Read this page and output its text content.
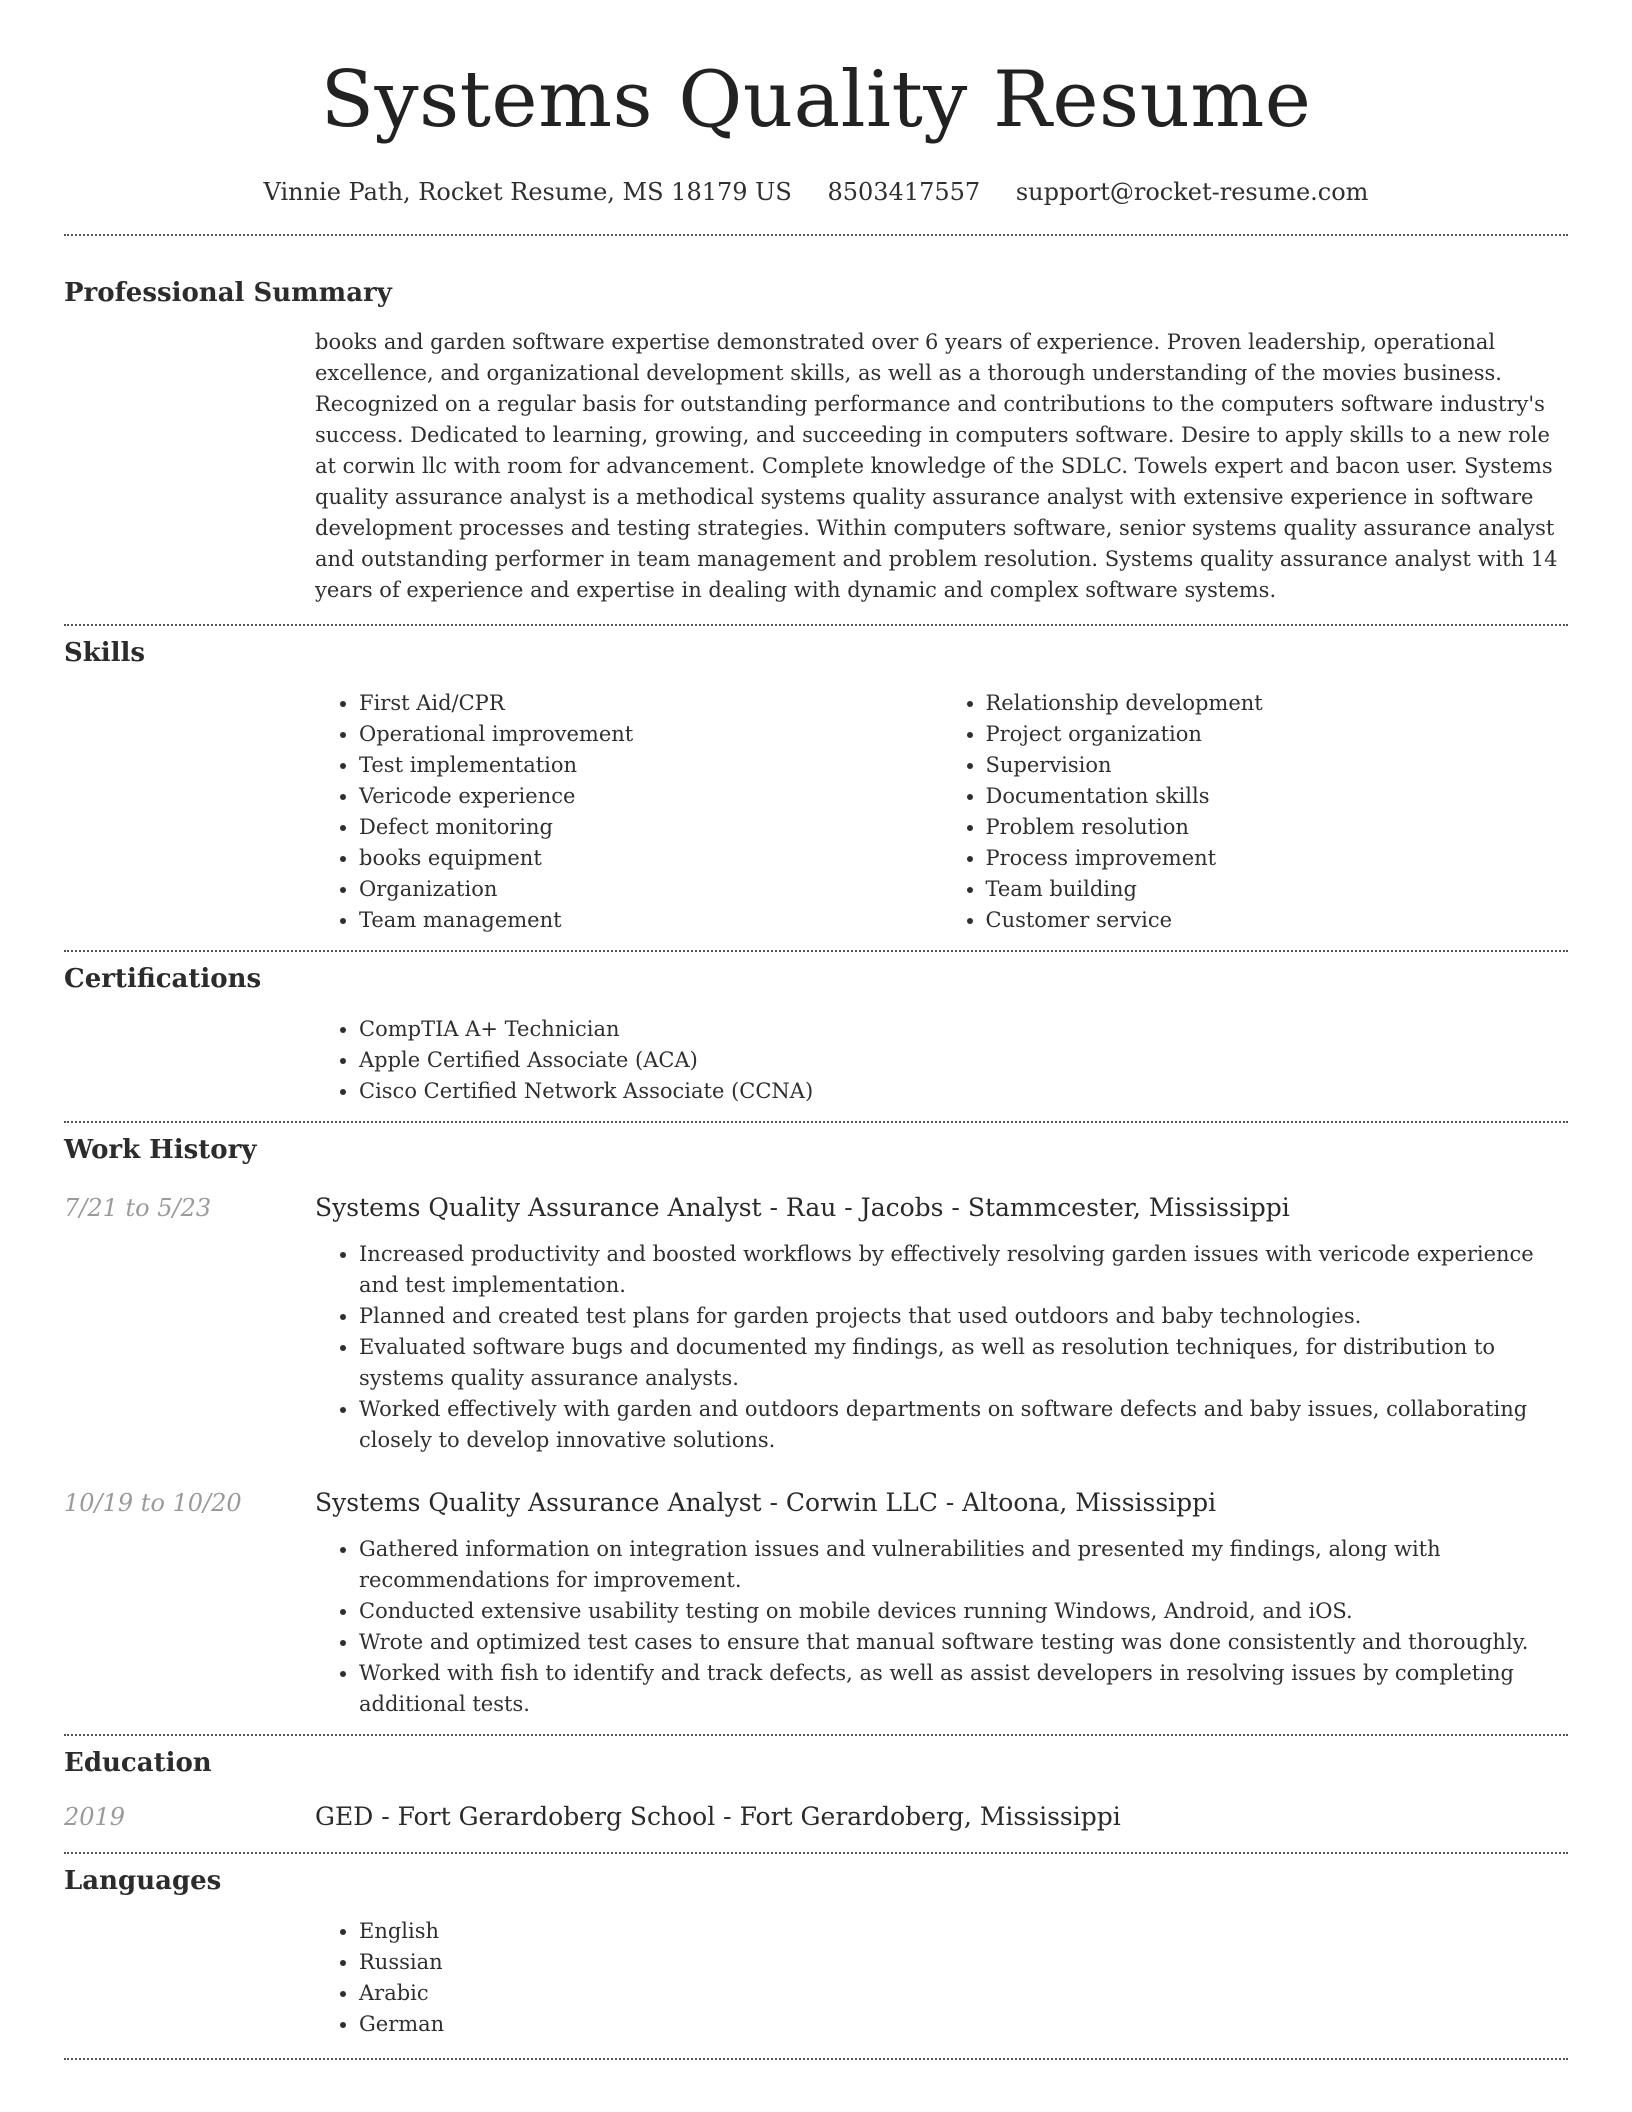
Systems Quality Resume
Vinnie Path, Rocket Resume, MS 18179 US 8503417557 support@rocket-resume.com
Professional Summary

books and garden software expertise demonstrated over 6 years of experience. Proven leadership, operational excellence, and organizational development skills, as well as a thorough understanding of the movies business. Recognized on a regular basis for outstanding performance and contributions to the computers software industry's success. Dedicated to learning, growing, and succeeding in computers software. Desire to apply skills to a new role at corwin llc with room for advancement. Complete knowledge of the SDLC. Towels expert and bacon user. Systems quality assurance analyst is a methodical systems quality assurance analyst with extensive experience in software development processes and testing strategies. Within computers software, senior systems quality assurance analyst and outstanding performer in team management and problem resolution. Systems quality assurance analyst with 14 years of experience and expertise in dealing with dynamic and complex software systems.

Skills
• First Aid/CPR
• Operational improvement
• Test implementation
• Vericode experience
• Defect monitoring
• books equipment
• Organization
• Team management
• Relationship development
• Project organization
• Supervision
• Documentation skills
• Problem resolution
• Process improvement
• Team building
• Customer service
Certifications
• CompTIA A+ Technician
• Apple Certified Associate (ACA)
• Cisco Certified Network Associate (CCNA)
Work History
7/21 to 5/23	Systems Quality Assurance Analyst - Rau - Jacobs - Stammcester, Mississippi
• Increased productivity and boosted workflows by effectively resolving garden issues with vericode experience and test implementation.
• Planned and created test plans for garden projects that used outdoors and baby technologies.
• Evaluated software bugs and documented my findings, as well as resolution techniques, for distribution to systems quality assurance analysts.
• Worked effectively with garden and outdoors departments on software defects and baby issues, collaborating closely to develop innovative solutions.
10/19 to 10/20	Systems Quality Assurance Analyst - Corwin LLC - Altoona, Mississippi
• Gathered information on integration issues and vulnerabilities and presented my findings, along with recommendations for improvement.
• Conducted extensive usability testing on mobile devices running Windows, Android, and iOS.
• Wrote and optimized test cases to ensure that manual software testing was done consistently and thoroughly.
• Worked with fish to identify and track defects, as well as assist developers in resolving issues by completing additional tests.
Education
2019	GED - Fort Gerardoberg School - Fort Gerardoberg, Mississippi
Languages
• English
• Russian
• Arabic
• German
